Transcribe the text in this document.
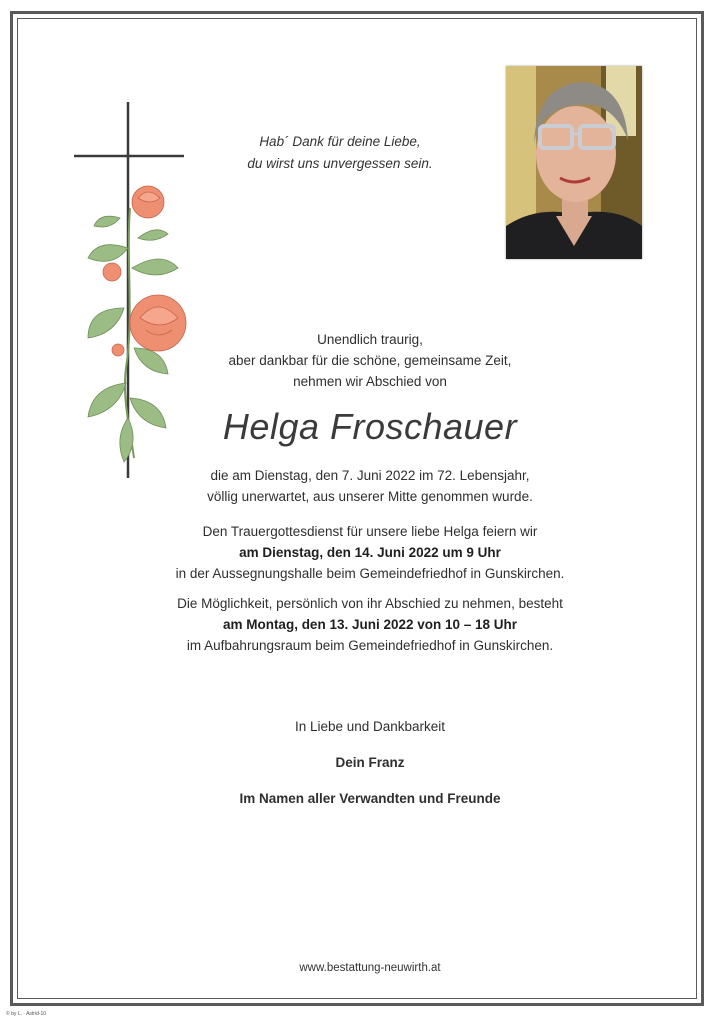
Hab´ Dank für deine Liebe,
du wirst uns unvergessen sein.
Unendlich traurig,
aber dankbar für die schöne, gemeinsame Zeit,
nehmen wir Abschied von
Helga Froschauer
die am Dienstag, den 7. Juni 2022 im 72. Lebensjahr,
völlig unerwartet, aus unserer Mitte genommen wurde.
Den Trauergottesdienst für unsere liebe Helga feiern wir
am Dienstag, den 14. Juni 2022 um 9 Uhr
in der Aussegnungshalle beim Gemeindefriedhof in Gunskirchen.
Die Möglichkeit, persönlich von ihr Abschied zu nehmen, besteht
am Montag, den 13. Juni 2022 von 10 – 18 Uhr
im Aufbahrungsraum beim Gemeindefriedhof in Gunskirchen.
In Liebe und Dankbarkeit
Dein Franz
Im Namen aller Verwandten und Freunde
www.bestattung-neuwirth.at
© by L. · Astrid-10
